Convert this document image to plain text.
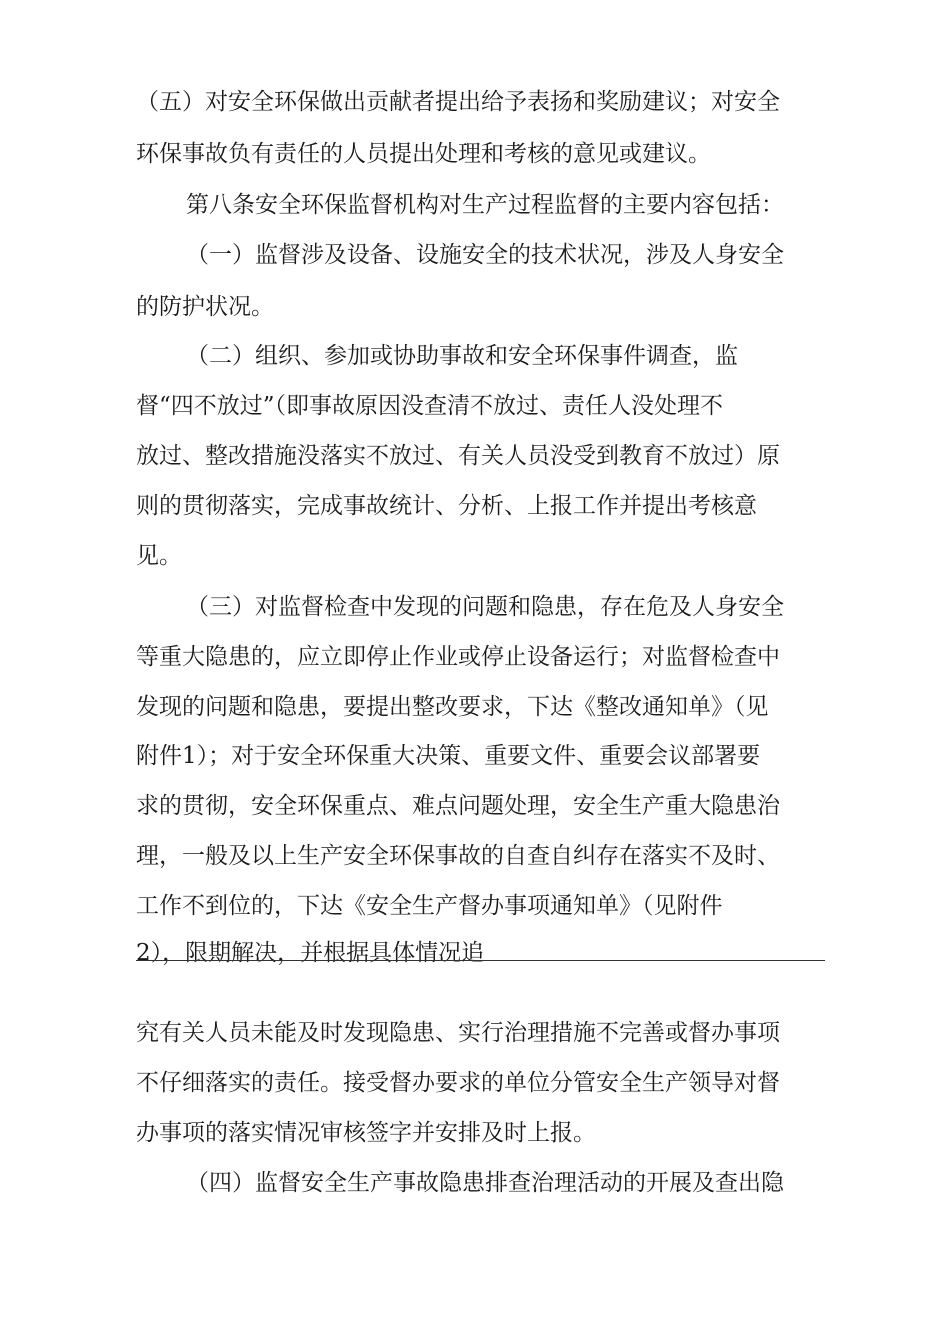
（五）对安全环保做出贡献者提出给予表扬和奖励建议；对安全
环保事故负有责任的人员提出处理和考核的意见或建议。
第八条安全环保监督机构对生产过程监督的主要内容包括：
（一）监督涉及设备、设施安全的技术状况，涉及人身安全
的防护状况。
（二）组织、参加或协助事故和安全环保事件调查，监
督“四不放过”（即事故原因没查清不放过、责任人没处理不
放过、整改措施没落实不放过、有关人员没受到教育不放过）原
则的贯彻落实，完成事故统计、分析、上报工作并提出考核意
见。
（三）对监督检查中发现的问题和隐患，存在危及人身安全
等重大隐患的，应立即停止作业或停止设备运行；对监督检查中
发现的问题和隐患，要提出整改要求，下达《整改通知单》（见
附件1）；对于安全环保重大决策、重要文件、重要会议部署要
求的贯彻，安全环保重点、难点问题处理，安全生产重大隐患治
理，一般及以上生产安全环保事故的自查自纠存在落实不及时、
工作不到位的，下达《安全生产督办事项通知单》（见附件
2），限期解决，并根据具体情况追
究有关人员未能及时发现隐患、实行治理措施不完善或督办事项
不仔细落实的责任。接受督办要求的单位分管安全生产领导对督
办事项的落实情况审核签字并安排及时上报。
（四）监督安全生产事故隐患排查治理活动的开展及查出隐
